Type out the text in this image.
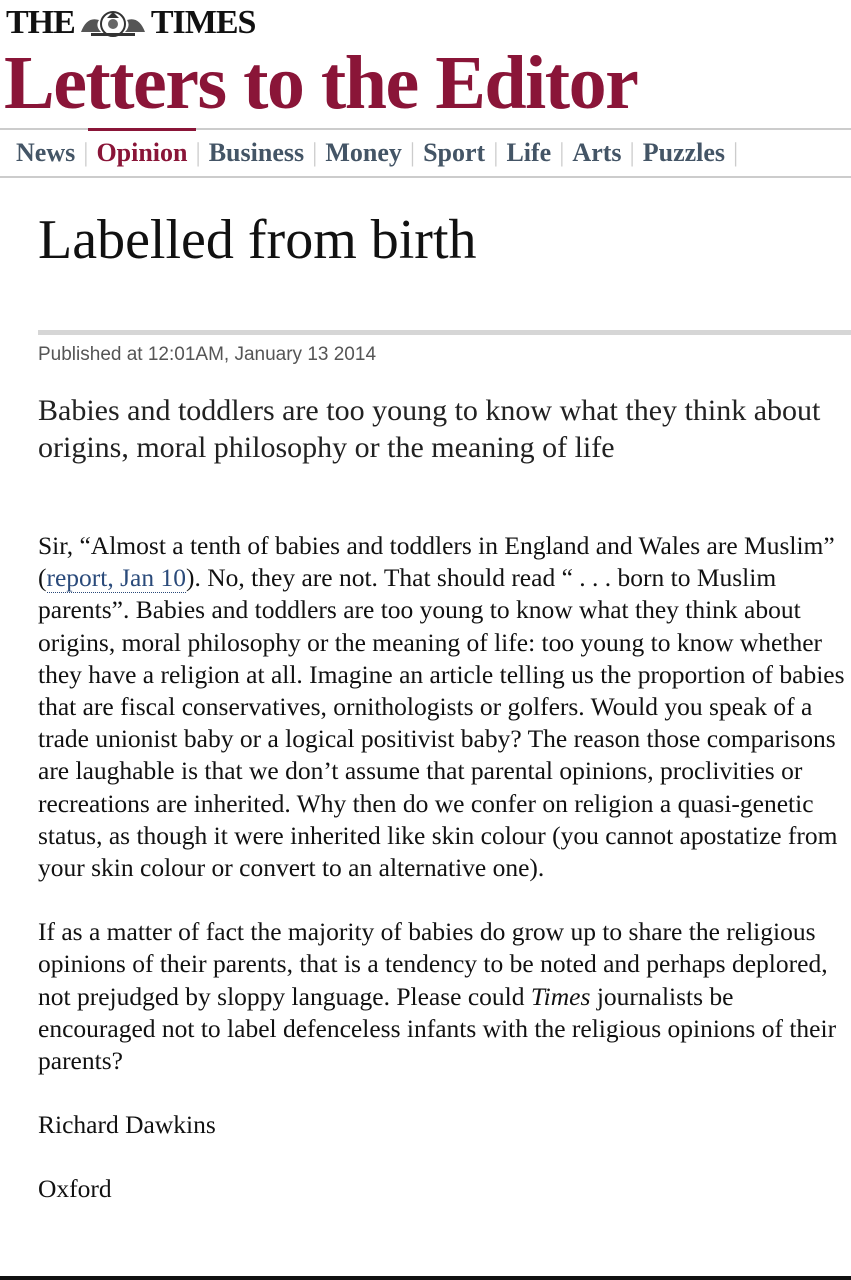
THE TIMES
Letters to the Editor
News | Opinion | Business | Money | Sport | Life | Arts | Puzzles |
Labelled from birth
Published at 12:01AM, January 13 2014

Babies and toddlers are too young to know what they think about origins, moral philosophy or the meaning of life

Sir, “Almost a tenth of babies and toddlers in England and Wales are Muslim” (report, Jan 10). No, they are not. That should read “ . . . born to Muslim parents”. Babies and toddlers are too young to know what they think about origins, moral philosophy or the meaning of life: too young to know whether they have a religion at all. Imagine an article telling us the proportion of babies that are fiscal conservatives, ornithologists or golfers. Would you speak of a trade unionist baby or a logical positivist baby? The reason those comparisons are laughable is that we don’t assume that parental opinions, proclivities or recreations are inherited. Why then do we confer on religion a quasi-genetic status, as though it were inherited like skin colour (you cannot apostatize from your skin colour or convert to an alternative one).

If as a matter of fact the majority of babies do grow up to share the religious opinions of their parents, that is a tendency to be noted and perhaps deplored, not prejudged by sloppy language. Please could Times journalists be encouraged not to label defenceless infants with the religious opinions of their parents?

Richard Dawkins

Oxford
